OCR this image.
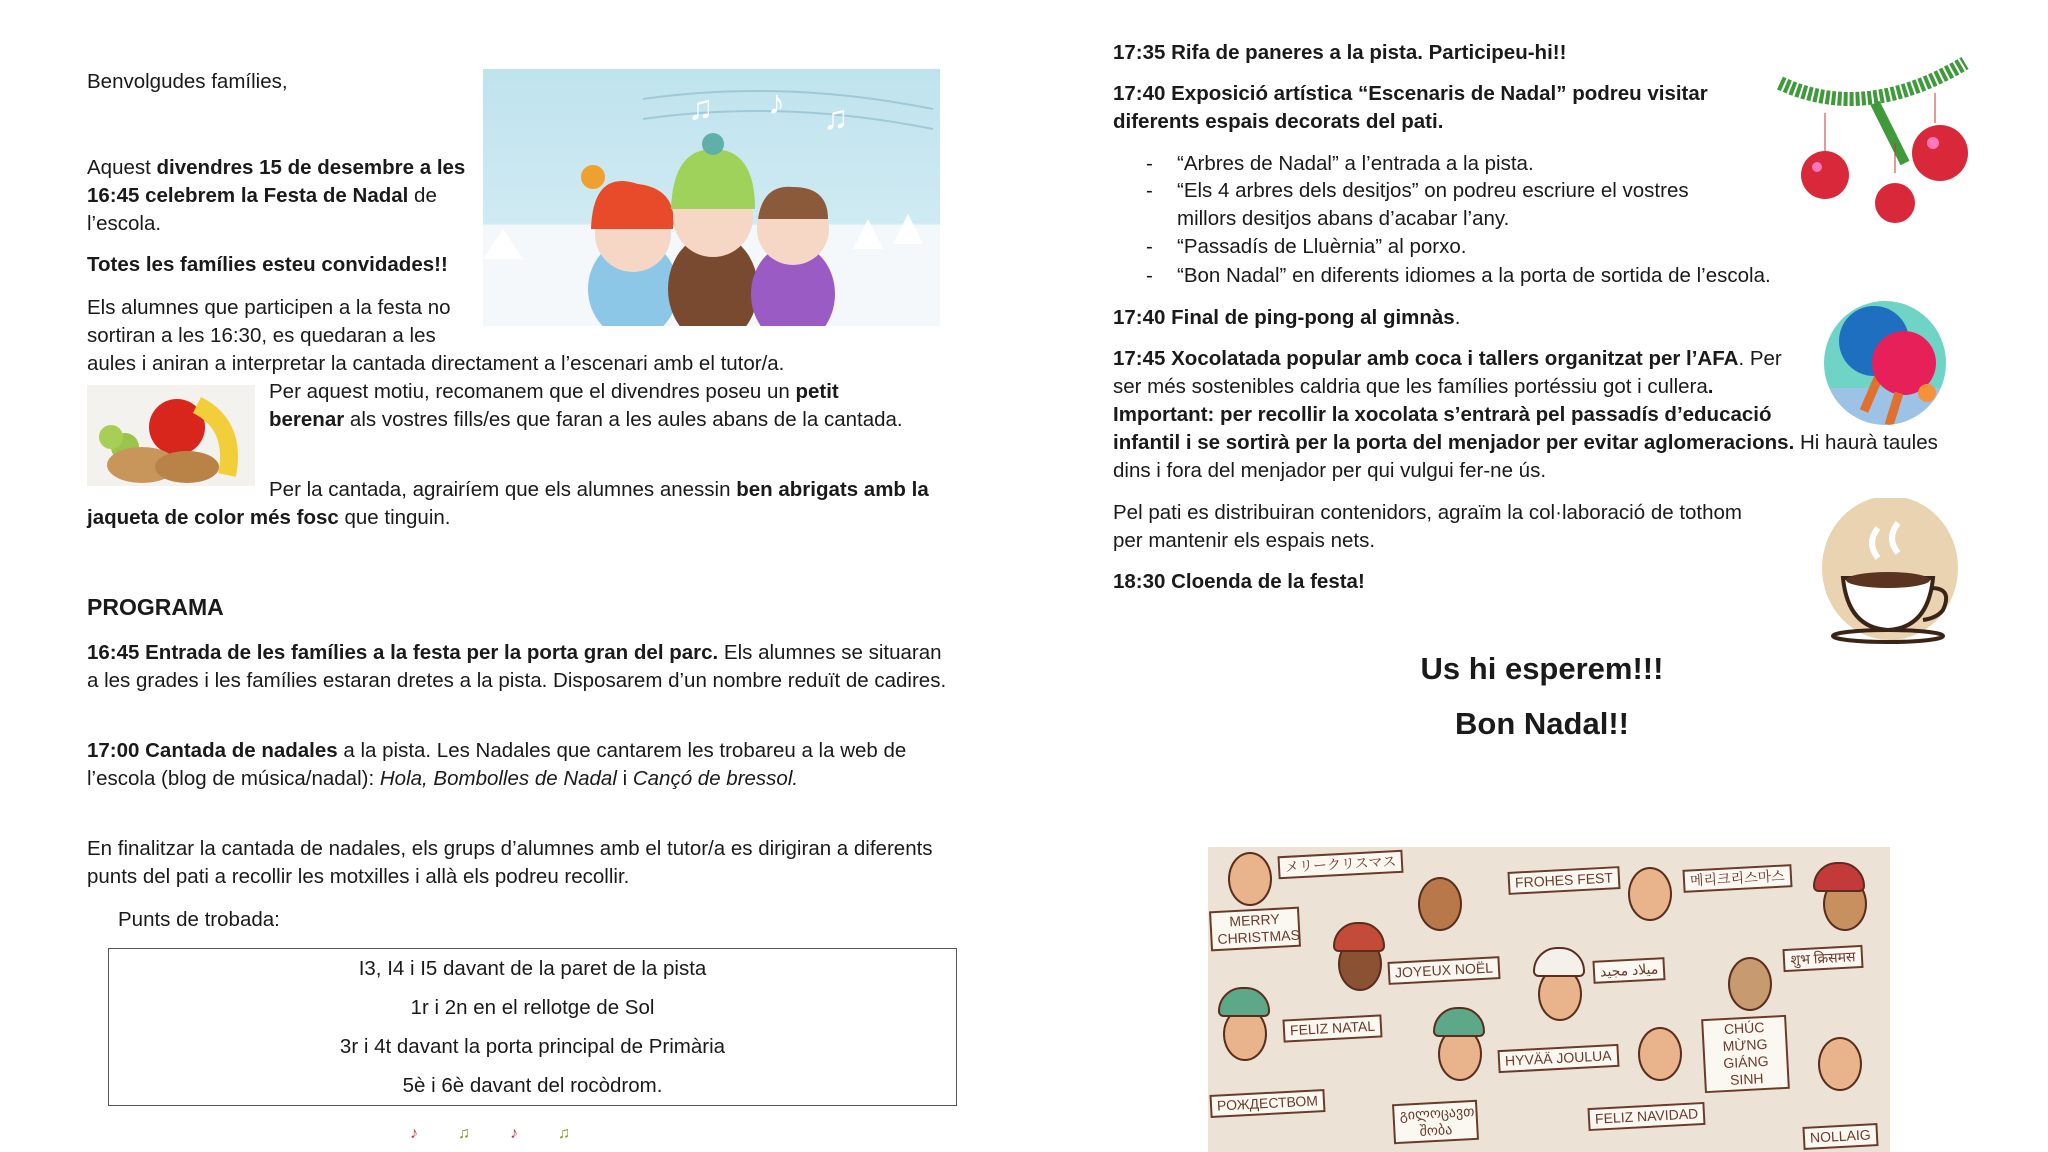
Benvolgudes famílies,
♫ ♪ ♫
Aquest divendres 15 de desembre a les 16:45 celebrem la Festa de Nadal de l’escola.
Totes les famílies esteu convidades!!
Els alumnes que participen a la festa no sortiran a les 16:30, es quedaran a les aules i aniran a interpretar la cantada directament a l’escenari amb el tutor/a.
Per aquest motiu, recomanem que el divendres poseu un petit berenar als vostres fills/es que faran a les aules abans de la cantada.
Per la cantada, agrairíem que els alumnes anessin ben abrigats amb la jaqueta de color més fosc que tinguin.
PROGRAMA
16:45 Entrada de les famílies a la festa per la porta gran del parc. Els alumnes se situaran a les grades i les famílies estaran dretes a la pista. Disposarem d’un nombre reduït de cadires.
17:00 Cantada de nadales a la pista. Les Nadales que cantarem les trobareu a la web de l’escola (blog de música/nadal): Hola, Bombolles de Nadal i Cançó de bressol.
En finalitzar la cantada de nadales, els grups d’alumnes amb el tutor/a es dirigiran a diferents punts del pati a recollir les motxilles i allà els podreu recollir.
Punts de trobada:
I3, I4 i I5 davant de la paret de la pista
1r i 2n en el rellotge de Sol
3r i 4t davant la porta principal de Primària
5è i 6è davant del rocòdrom.
♪♫♪♫
17:35 Rifa de paneres a la pista. Participeu-hi!!
17:40 Exposició artística “Escenaris de Nadal” podreu visitar diferents espais decorats del pati.
- “Arbres de Nadal” a l’entrada a la pista.
- “Els 4 arbres dels desitjos” on podreu escriure el vostres millors desitjos abans d’acabar l’any.
- “Passadís de Lluèrnia” al porxo.
- “Bon Nadal” en diferents idiomes a la porta de sortida de l’escola.
17:40 Final de ping-pong al gimnàs.
17:45 Xocolatada popular amb coca i tallers organitzat per l’AFA. Per ser més sostenibles caldria que les famílies portéssiu got i cullera. Important: per recollir la xocolata s’entrarà pel passadís d’educació infantil i se sortirà per la porta del menjador per evitar aglomeracions. Hi haurà taules dins i fora del menjador per qui vulgui fer-ne ús.
Pel pati es distribuiran contenidors, agraïm la col·laboració de tothom per mantenir els espais nets.
18:30 Cloenda de la festa!
Us hi esperem!!!
Bon Nadal!!
メリークリスマス
MERRY CHRISTMAS
FROHES FEST	메리크리스마스
JOYEUX NOËL	ميلاد مجيد
शुभ क्रिसमस
FELIZ NATAL
HYVÄÄ JOULUA
CHÚC MỪNG GIÁNG SINH
РОЖДЕСТВОМ	გილოცავთ შობა
FELIZ NAVIDAD
NOLLAIG
